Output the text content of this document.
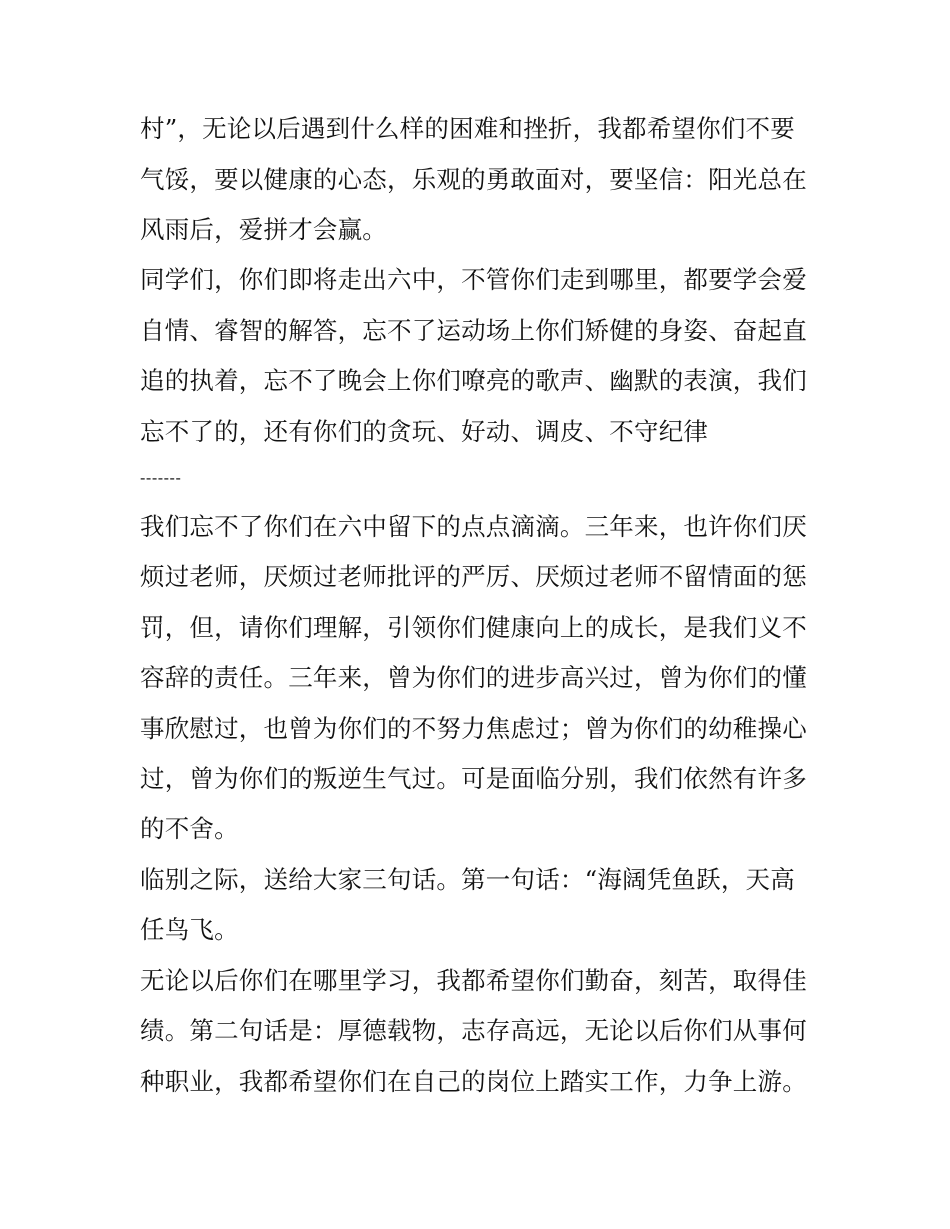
村”，无论以后遇到什么样的困难和挫折，我都希望你们不要
气馁，要以健康的心态，乐观的勇敢面对，要坚信：阳光总在
风雨后，爱拼才会赢。
同学们，你们即将走出六中，不管你们走到哪里，都要学会爱
自情、睿智的解答，忘不了运动场上你们矫健的身姿、奋起直
追的执着，忘不了晚会上你们嘹亮的歌声、幽默的表演，我们
忘不了的，还有你们的贪玩、好动、调皮、不守纪律
-------
我们忘不了你们在六中留下的点点滴滴。三年来，也许你们厌
烦过老师，厌烦过老师批评的严厉、厌烦过老师不留情面的惩
罚，但，请你们理解，引领你们健康向上的成长，是我们义不
容辞的责任。三年来，曾为你们的进步高兴过，曾为你们的懂
事欣慰过，也曾为你们的不努力焦虑过；曾为你们的幼稚操心
过，曾为你们的叛逆生气过。可是面临分别，我们依然有许多
的不舍。
临别之际，送给大家三句话。第一句话：“海阔凭鱼跃，天高
任鸟飞。
无论以后你们在哪里学习，我都希望你们勤奋，刻苦，取得佳
绩。第二句话是：厚德载物，志存高远，无论以后你们从事何
种职业，我都希望你们在自己的岗位上踏实工作，力争上游。
